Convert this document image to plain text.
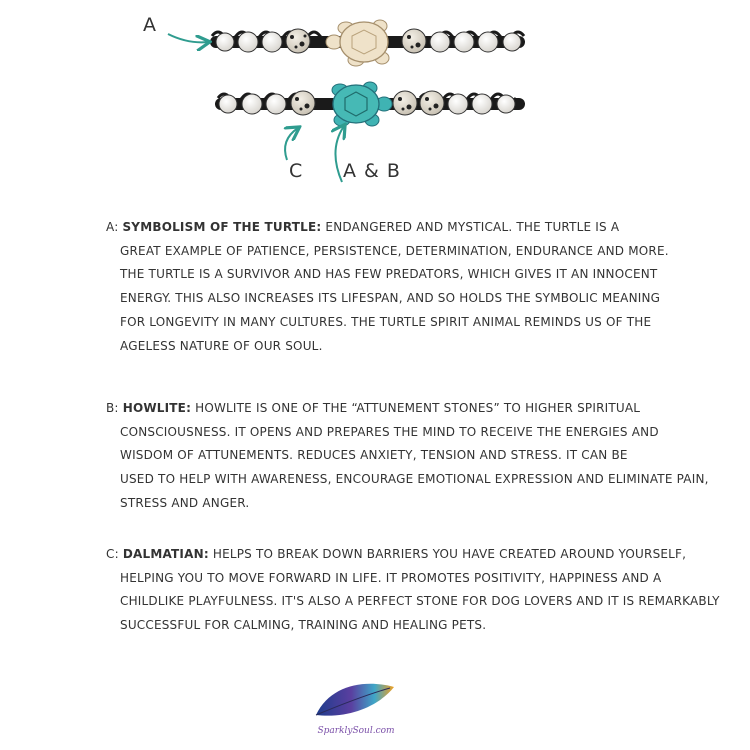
A
C A & B
A: SYMBOLISM OF THE TURTLE: ENDANGERED AND MYSTICAL. THE TURTLE IS A
GREAT EXAMPLE OF PATIENCE, PERSISTENCE, DETERMINATION, ENDURANCE AND MORE.
THE TURTLE IS A SURVIVOR AND HAS FEW PREDATORS, WHICH GIVES IT AN INNOCENT
ENERGY. THIS ALSO INCREASES ITS LIFESPAN, AND SO HOLDS THE SYMBOLIC MEANING
FOR LONGEVITY IN MANY CULTURES. THE TURTLE SPIRIT ANIMAL REMINDS US OF THE
AGELESS NATURE OF OUR SOUL.
B: HOWLITE: HOWLITE IS ONE OF THE “ATTUNEMENT STONES” TO HIGHER SPIRITUAL
CONSCIOUSNESS. IT OPENS AND PREPARES THE MIND TO RECEIVE THE ENERGIES AND
WISDOM OF ATTUNEMENTS. REDUCES ANXIETY, TENSION AND STRESS. IT CAN BE
USED TO HELP WITH AWARENESS, ENCOURAGE EMOTIONAL EXPRESSION AND ELIMINATE PAIN,
STRESS AND ANGER.
C: DALMATIAN: HELPS TO BREAK DOWN BARRIERS YOU HAVE CREATED AROUND YOURSELF,
HELPING YOU TO MOVE FORWARD IN LIFE. IT PROMOTES POSITIVITY, HAPPINESS AND A
CHILDLIKE PLAYFULNESS. IT'S ALSO A PERFECT STONE FOR DOG LOVERS AND IT IS REMARKABLY
SUCCESSFUL FOR CALMING, TRAINING AND HEALING PETS.
SparklySoul.com
